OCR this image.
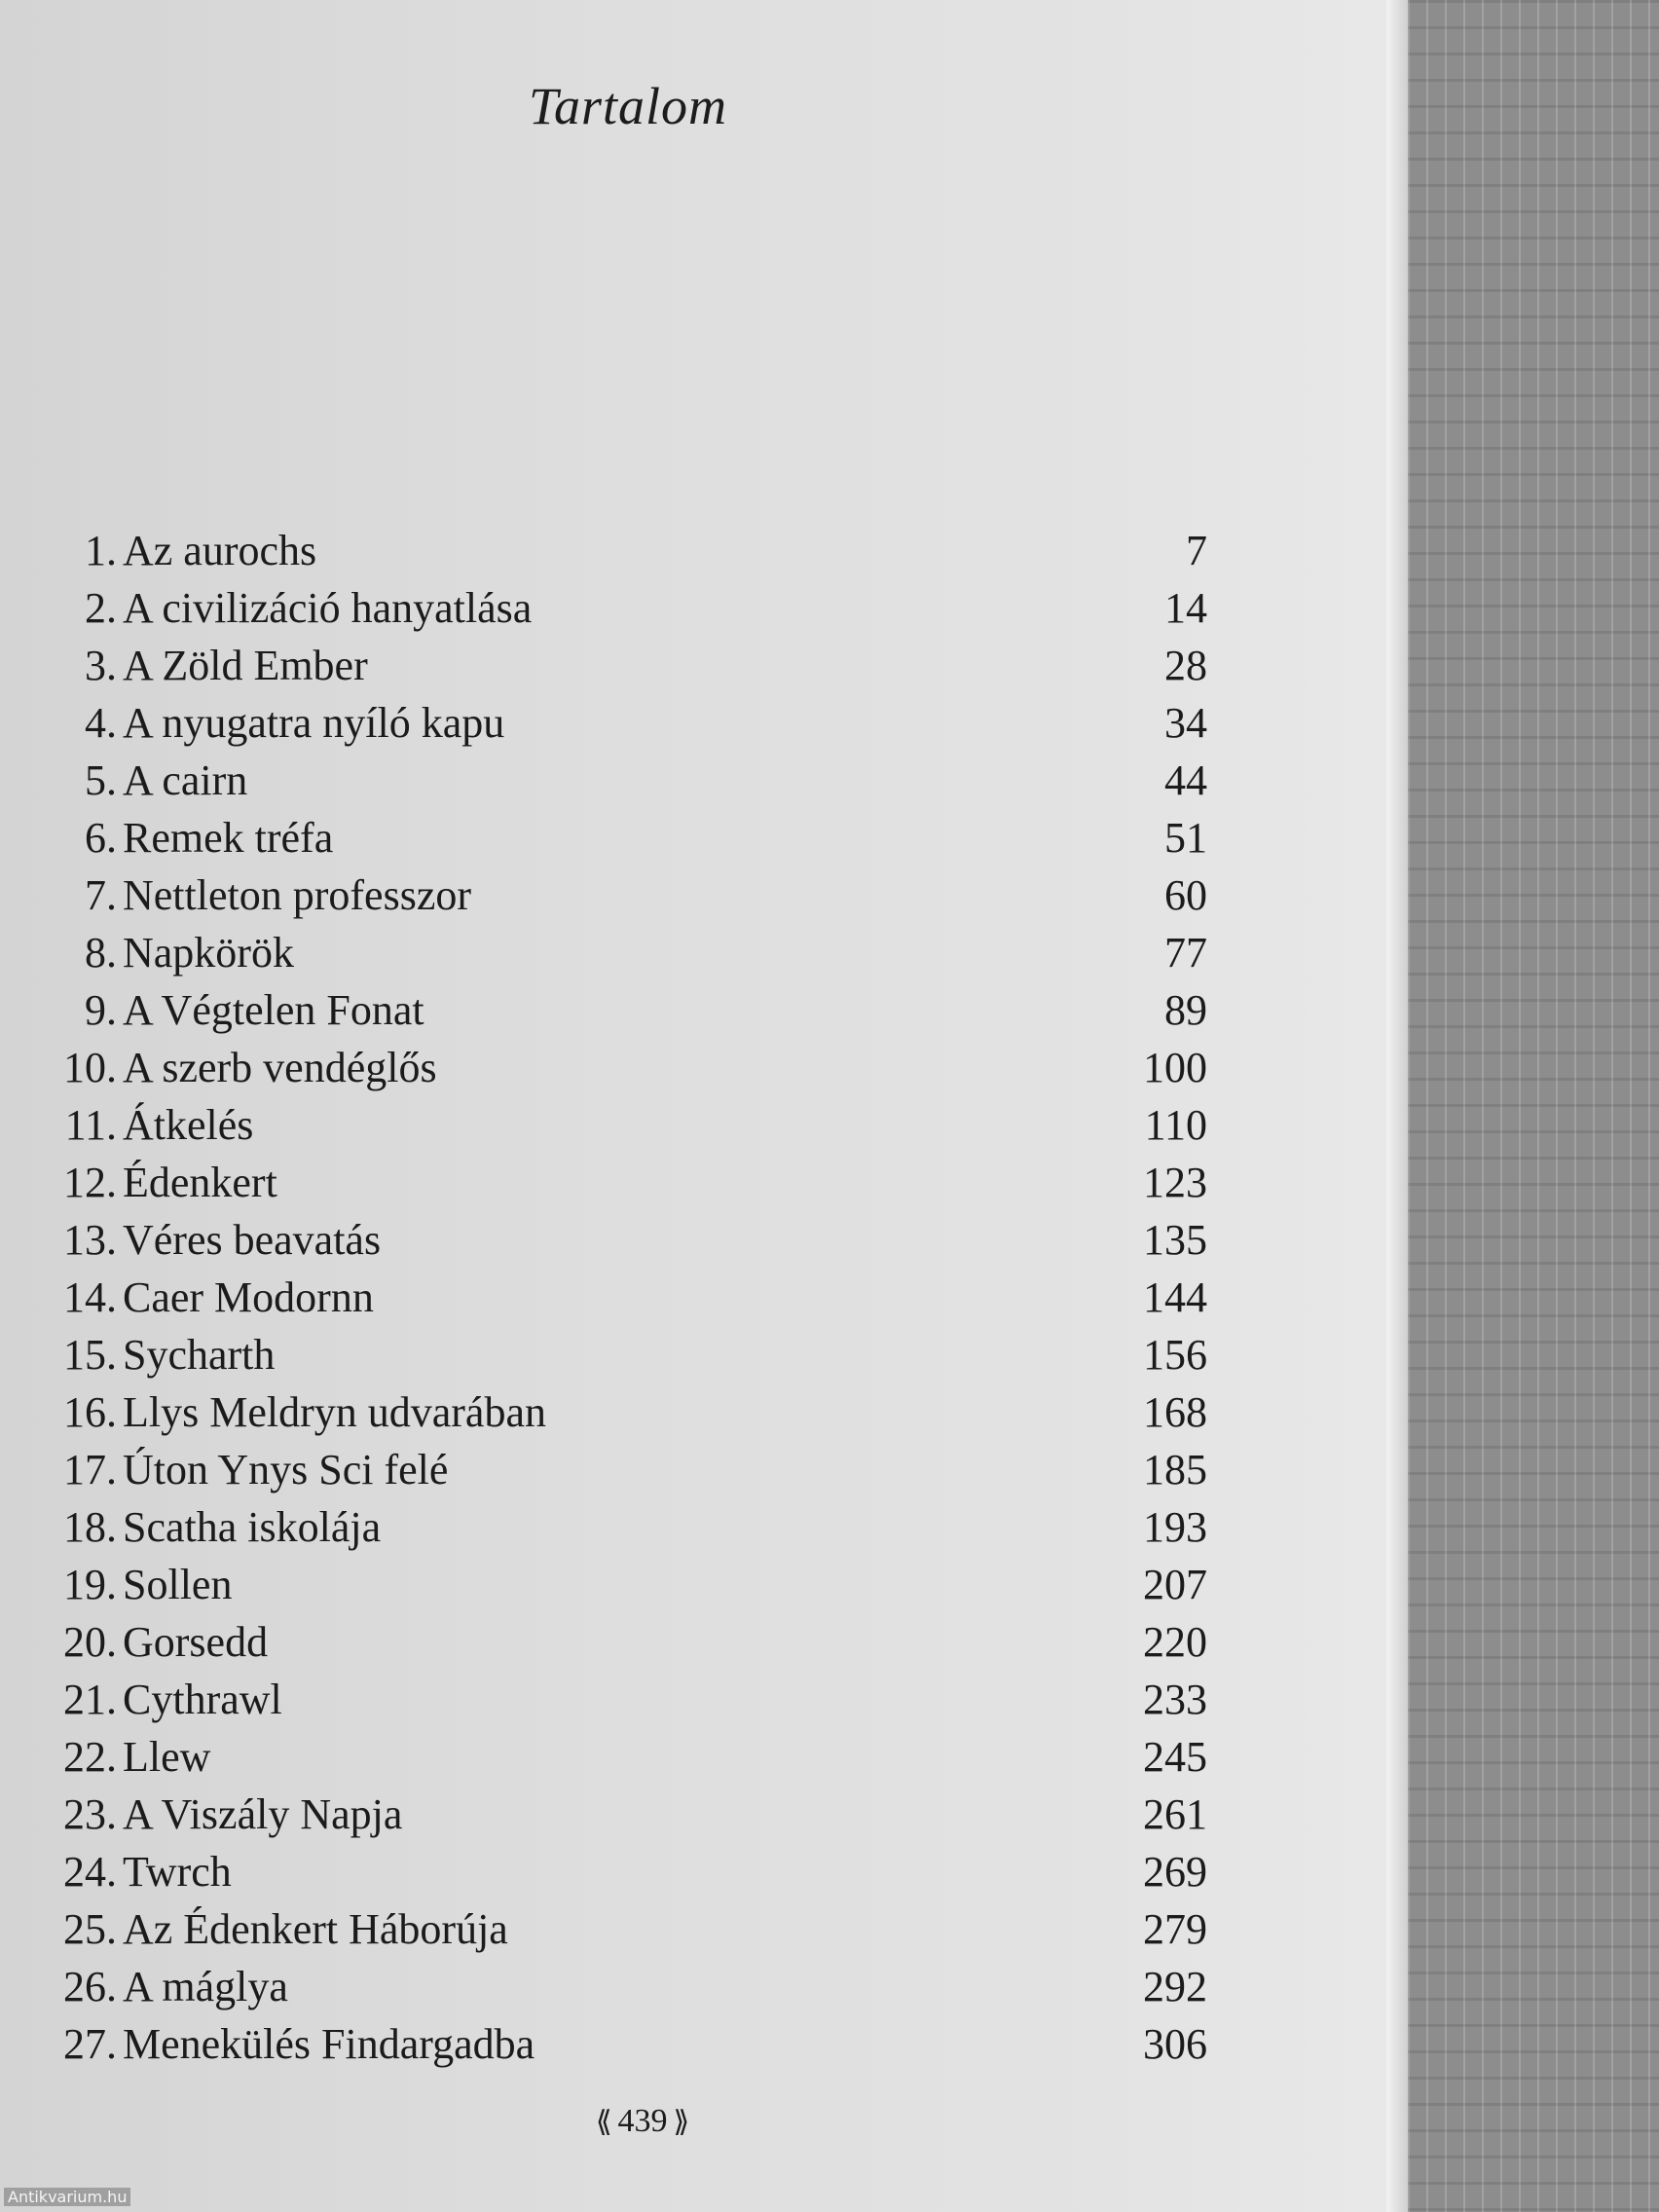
Tartalom
1. Az aurochs	7
2. A civilizáció hanyatlása	14
3. A Zöld Ember	28
4. A nyugatra nyíló kapu	34
5. A cairn	44
6. Remek tréfa	51
7. Nettleton professzor	60
8. Napkörök	77
9. A Végtelen Fonat	89
10. A szerb vendéglős	100
11. Átkelés	110
12. Édenkert	123
13. Véres beavatás	135
14. Caer Modornn	144
15. Sycharth	156
16. Llys Meldryn udvarában	168
17. Úton Ynys Sci felé	185
18. Scatha iskolája	193
19. Sollen	207
20. Gorsedd	220
21. Cythrawl	233
22. Llew	245
23. A Viszály Napja	261
24. Twrch	269
25. Az Édenkert Háborúja	279
26. A máglya	292
27. Menekülés Findargadba	306
⟪ 439 ⟫
Antikvarium.hu
